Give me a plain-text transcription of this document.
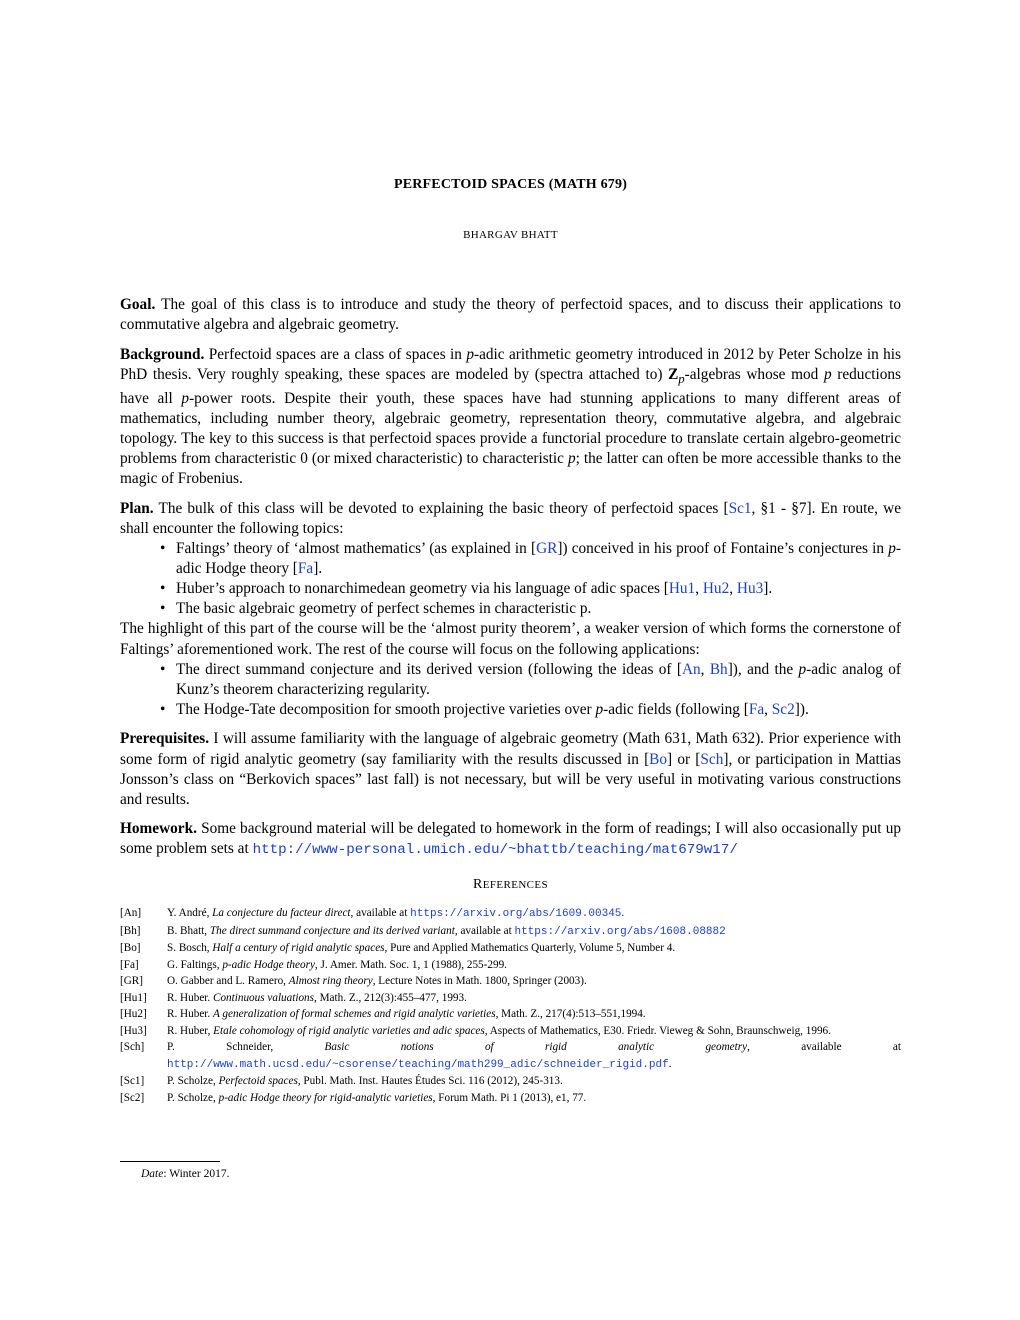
PERFECTOID SPACES (MATH 679)
BHARGAV BHATT

Goal. The goal of this class is to introduce and study the theory of perfectoid spaces, and to discuss their applications to commutative algebra and algebraic geometry.

Background. Perfectoid spaces are a class of spaces in p-adic arithmetic geometry introduced in 2012 by Peter Scholze in his PhD thesis. Very roughly speaking, these spaces are modeled by (spectra attached to) $Z_p$-algebras whose mod p reductions have all p-power roots. Despite their youth, these spaces have had stunning applications to many different areas of mathematics, including number theory, algebraic geometry, representation theory, commutative algebra, and algebraic topology. The key to this success is that perfectoid spaces provide a functorial procedure to translate certain algebro-geometric problems from characteristic 0 (or mixed characteristic) to characteristic p; the latter can often be more accessible thanks to the magic of Frobenius.

Plan. The bulk of this class will be devoted to explaining the basic theory of perfectoid spaces [Sc1, §1 - §7]. En route, we shall encounter the following topics:
• Faltings’ theory of ‘almost mathematics’ (as explained in [GR]) conceived in his proof of Fontaine’s conjectures in p-adic Hodge theory [Fa].
• Huber’s approach to nonarchimedean geometry via his language of adic spaces [Hu1, Hu2, Hu3].
• The basic algebraic geometry of perfect schemes in characteristic p.
The highlight of this part of the course will be the ‘almost purity theorem’, a weaker version of which forms the cornerstone of Faltings’ aforementioned work. The rest of the course will focus on the following applications:
• The direct summand conjecture and its derived version (following the ideas of [An, Bh]), and the p-adic analog of Kunz’s theorem characterizing regularity.
• The Hodge-Tate decomposition for smooth projective varieties over p-adic fields (following [Fa, Sc2]).

Prerequisites. I will assume familiarity with the language of algebraic geometry (Math 631, Math 632). Prior experience with some form of rigid analytic geometry (say familiarity with the results discussed in [Bo] or [Sch], or participation in Mattias Jonsson’s class on “Berkovich spaces” last fall) is not necessary, but will be very useful in motivating various constructions and results.

Homework. Some background material will be delegated to homework in the form of readings; I will also occasionally put up some problem sets at http://www-personal.umich.edu/~bhattb/teaching/mat679w17/

REFERENCES
[An]	Y. André, La conjecture du facteur direct, available at https://arxiv.org/abs/1609.00345.
[Bh]	B. Bhatt, The direct summand conjecture and its derived variant, available at https://arxiv.org/abs/1608.08882
[Bo]	S. Bosch, Half a century of rigid analytic spaces, Pure and Applied Mathematics Quarterly, Volume 5, Number 4.
[Fa]	G. Faltings, p-adic Hodge theory, J. Amer. Math. Soc. 1, 1 (1988), 255-299.
[GR]	O. Gabber and L. Ramero, Almost ring theory, Lecture Notes in Math. 1800, Springer (2003).
[Hu1]	R. Huber. Continuous valuations, Math. Z., 212(3):455–477, 1993.
[Hu2]	R. Huber. A generalization of formal schemes and rigid analytic varieties, Math. Z., 217(4):513–551,1994.
[Hu3]	R. Huber, Etale cohomology of rigid analytic varieties and adic spaces, Aspects of Mathematics, E30. Friedr. Vieweg & Sohn, Braunschweig, 1996.
[Sch]	P. Schneider, Basic notions of rigid analytic geometry, available at http://www.math.ucsd.edu/~csorense/teaching/math299_adic/schneider_rigid.pdf.
[Sc1]	P. Scholze, Perfectoid spaces, Publ. Math. Inst. Hautes Études Sci. 116 (2012), 245-313.
[Sc2]	P. Scholze, p-adic Hodge theory for rigid-analytic varieties, Forum Math. Pi 1 (2013), e1, 77.
Date: Winter 2017.
